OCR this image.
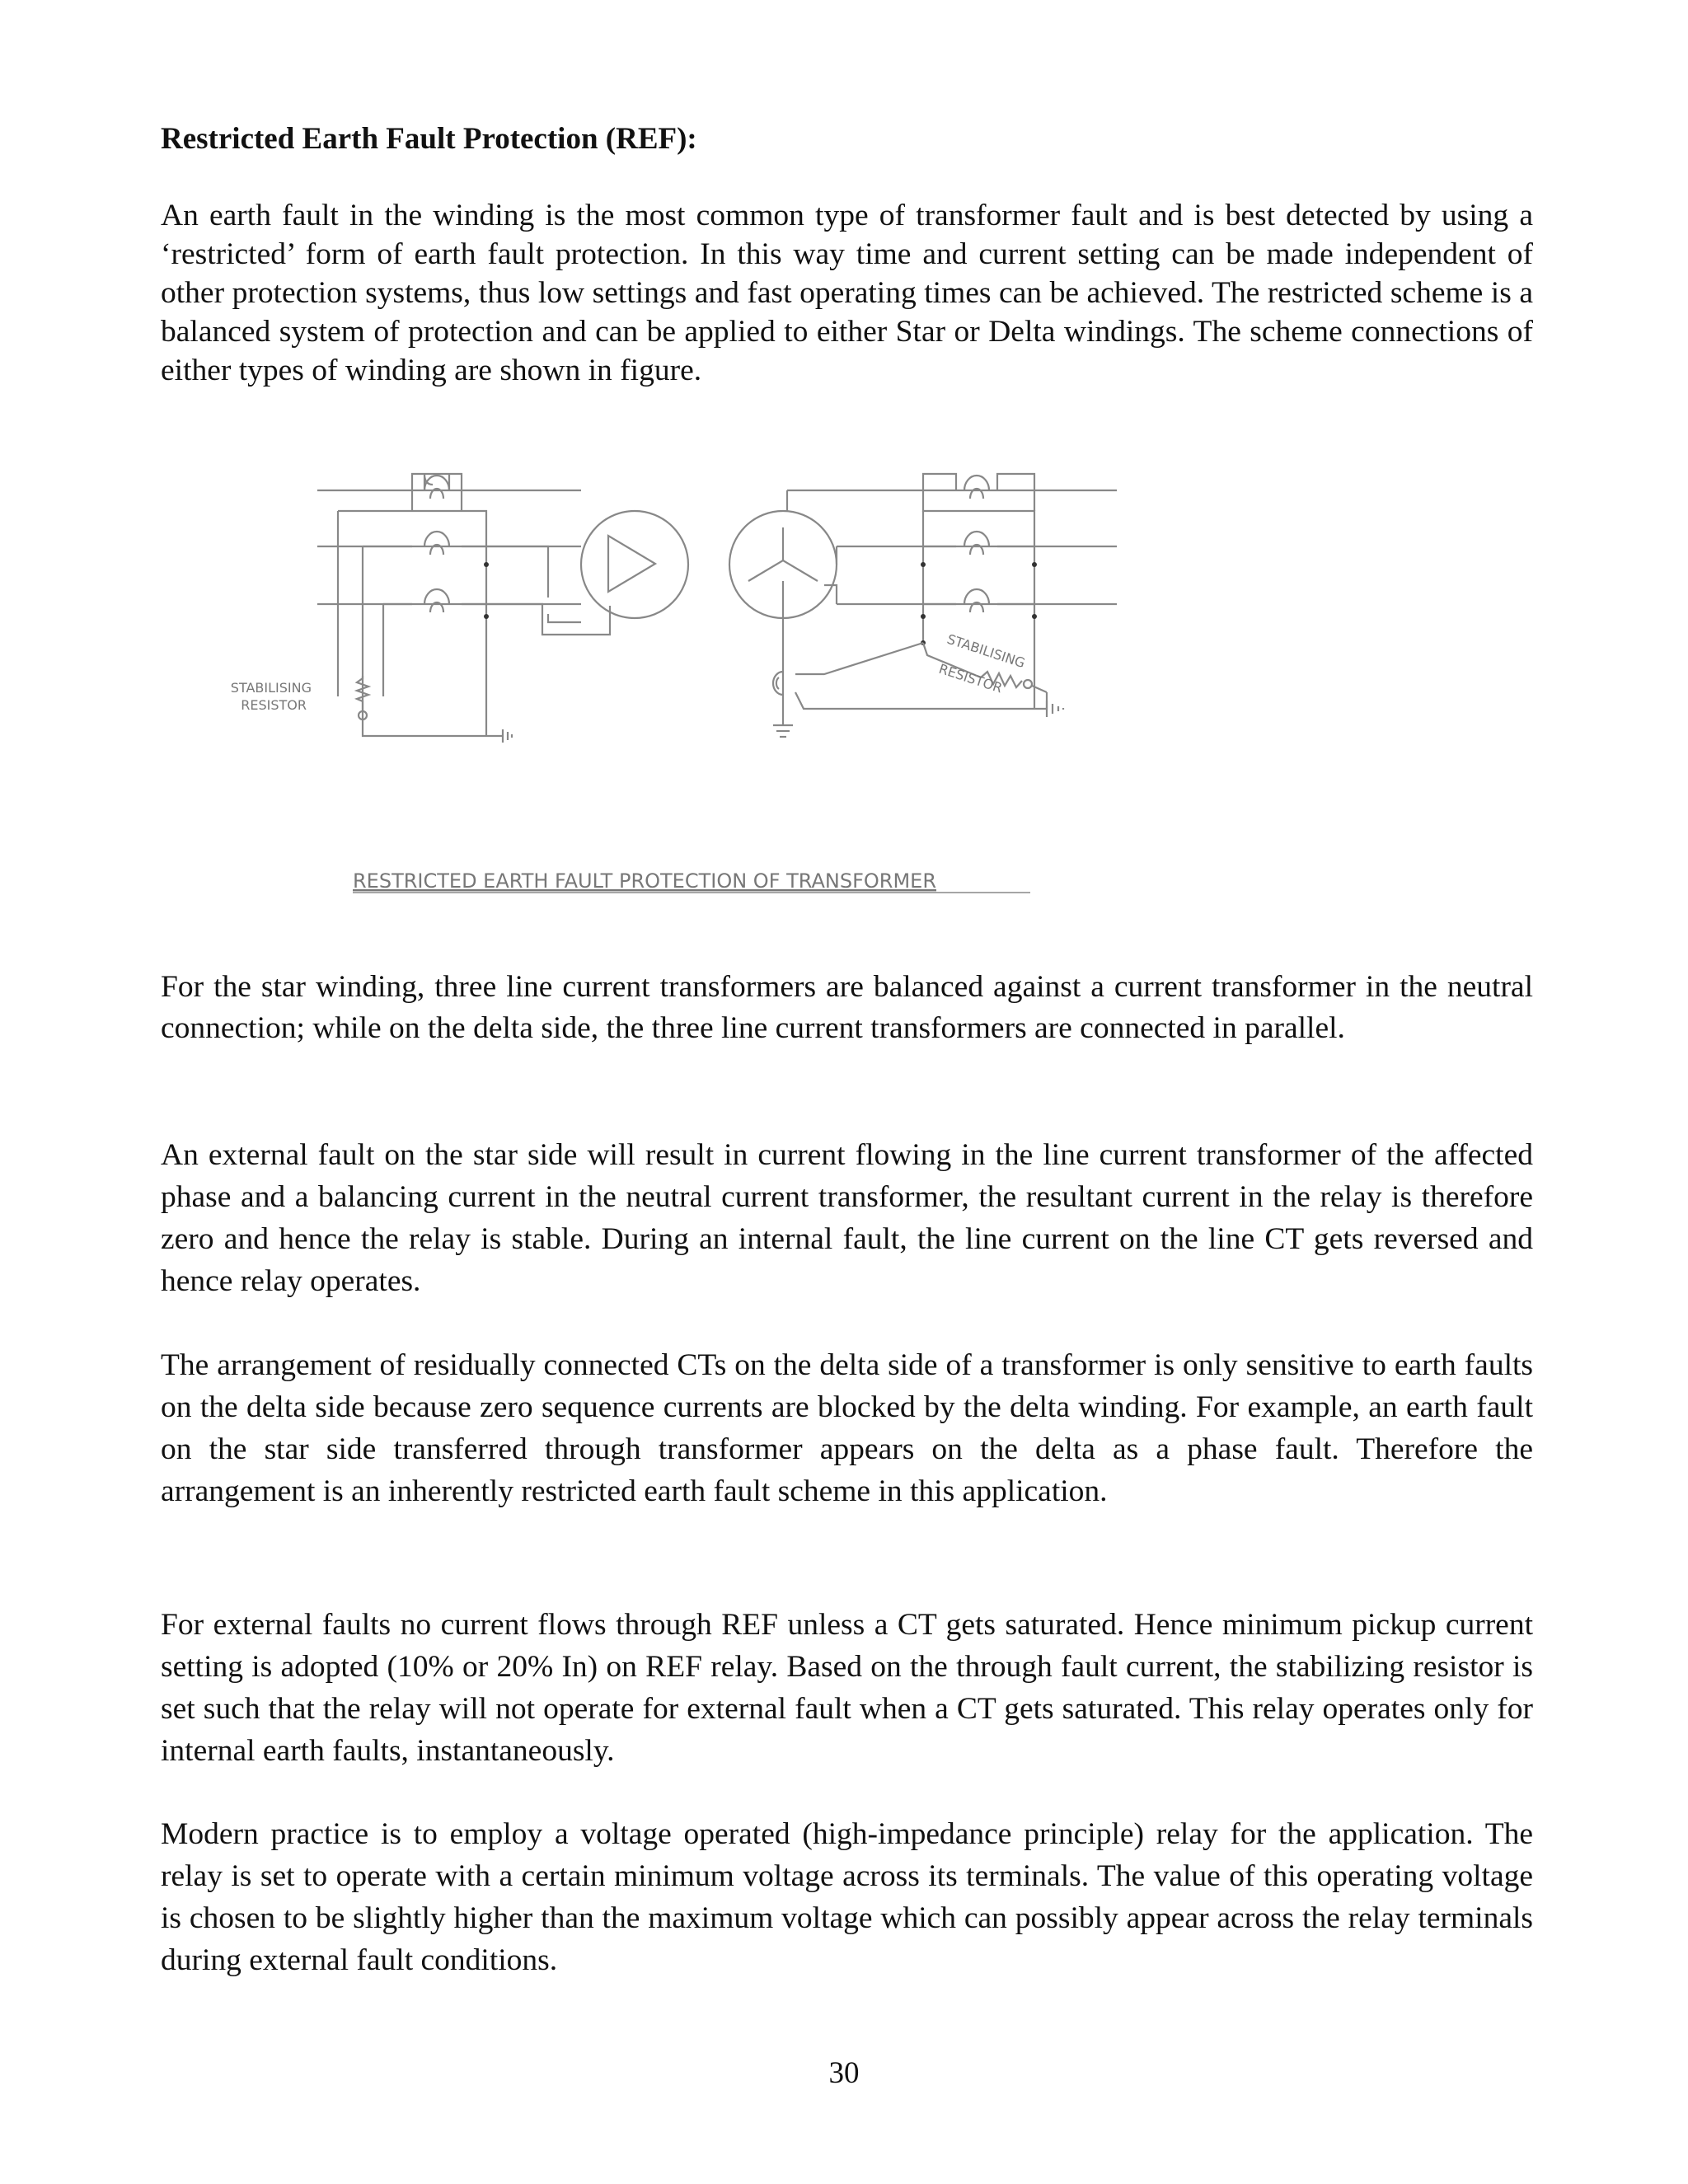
Restricted Earth Fault Protection (REF):

An earth fault in the winding is the most common type of transformer fault and is best detected by using a ‘restricted’ form of earth fault protection. In this way time and current setting can be made independent of other protection systems, thus low settings and fast operating times can be achieved. The restricted scheme is a balanced system of protection and can be applied to either Star or Delta windings. The scheme connections of either types of winding are shown in figure.

STABILISING
RESISTOR
STABILISING
RESISTOR
RESTRICTED EARTH FAULT PROTECTION OF TRANSFORMER

For the star winding, three line current transformers are balanced against a current transformer in the neutral connection; while on the delta side, the three line current transformers are connected in parallel.

An external fault on the star side will result in current flowing in the line current transformer of the affected phase and a balancing current in the neutral current transformer, the resultant current in the relay is therefore zero and hence the relay is stable. During an internal fault, the line current on the line CT gets reversed and hence relay operates.

The arrangement of residually connected CTs on the delta side of a transformer is only sensitive to earth faults on the delta side because zero sequence currents are blocked by the delta winding. For example, an earth fault on the star side transferred through transformer appears on the delta as a phase fault. Therefore the arrangement is an inherently restricted earth fault scheme in this application.

For external faults no current flows through REF unless a CT gets saturated. Hence minimum pickup current setting is adopted (10% or 20% In) on REF relay. Based on the through fault current, the stabilizing resistor is set such that the relay will not operate for external fault when a CT gets saturated. This relay operates only for internal earth faults, instantaneously.

Modern practice is to employ a voltage operated (high-impedance principle) relay for the application. The relay is set to operate with a certain minimum voltage across its terminals. The value of this operating voltage is chosen to be slightly higher than the maximum voltage which can possibly appear across the relay terminals during external fault conditions.

30
